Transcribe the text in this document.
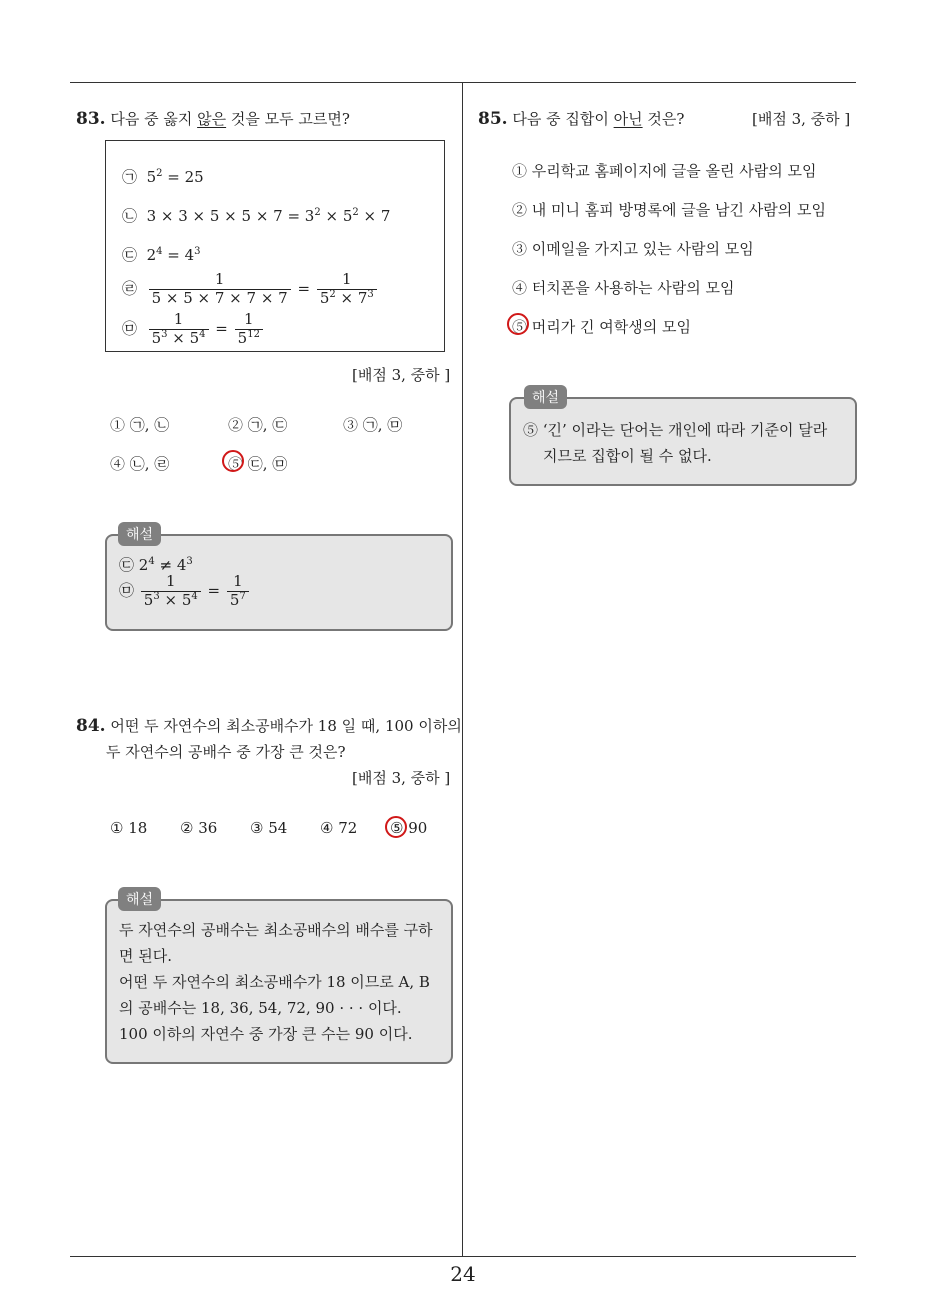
83. 다음 중 옳지 않은 것을 모두 고르면?
㉠ $5^2 = 25$
㉡ $3 \times 3 \times 5 \times 5 \times 7 = 3^2 \times 5^2 \times 7$
㉢ $2^4 = 4^3$
㉣ $\frac{1}{5 \times 5 \times 7 \times 7 \times 7} = \frac{1}{5^2 \times 7^3}$
㉤ $\frac{1}{5^3 \times 5^4} = \frac{1}{5^{12}}$
[배점 3, 중하 ]
① ㉠, ㉡	② ㉠, ㉢	③ ㉠, ㉤
④ ㉡, ㉣	⑤ ㉢, ㉤
㉢ $2^4 \ne 4^3$
㉤ $\frac{1}{5^3 \times 5^4} = \frac{1}{5^7}$
해설
84. 어떤 두 자연수의 최소공배수가 18 일 때, 100 이하의
두 자연수의 공배수 중 가장 큰 것은?
[배점 3, 중하 ]
① 18 ② 36 ③ 54 ④ 72 ⑤ 90
두 자연수의 공배수는 최소공배수의 배수를 구하
면 된다.
어떤 두 자연수의 최소공배수가 18 이므로 A, B
의 공배수는 18, 36, 54, 72, 90 · · · 이다.
100 이하의 자연수 중 가장 큰 수는 90 이다.
해설
85. 다음 중 집합이 아닌 것은?	[배점 3, 중하 ]
① 우리학교 홈페이지에 글을 올린 사람의 모임
② 내 미니 홈피 방명록에 글을 남긴 사람의 모임
③ 이메일을 가지고 있는 사람의 모임
④ 터치폰을 사용하는 사람의 모임
⑤ 머리가 긴 여학생의 모임
⑤ ‘긴’ 이라는 단어는 개인에 따라 기준이 달라
지므로 집합이 될 수 없다.
해설
24
